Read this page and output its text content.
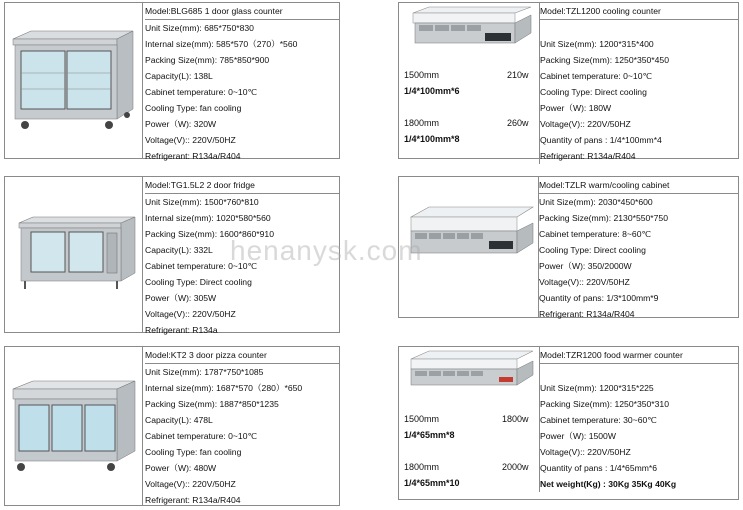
Model:BLG685 1 door glass counter
Unit Size(mm): 685*750*830
Internal size(mm): 585*570（270）*560
Packing Size(mm): 785*850*900
Capacity(L): 138L
Cabinet temperature: 0~10℃
Cooling Type: fan cooling
Power（W): 320W
Voltage(V):: 220V/50HZ
Refrigerant: R134a/R404
Model:TG1.5L2 2 door fridge
Unit Size(mm): 1500*760*810
Internal size(mm): 1020*580*560
Packing Size(mm): 1600*860*910
Capacity(L): 332L
Cabinet temperature: 0~10℃
Cooling Type: Direct cooling
Power（W): 305W
Voltage(V):: 220V/50HZ
Refrigerant: R134a
Model:KT2 3 door pizza counter
Unit Size(mm): 1787*750*1085
Internal size(mm): 1687*570（280）*650
Packing Size(mm): 1887*850*1235
Capacity(L): 478L
Cabinet temperature: 0~10℃
Cooling Type: fan cooling
Power（W): 480W
Voltage(V):: 220V/50HZ
Refrigerant: R134a/R404
1500mm	210w
1/4*100mm*6
1800mm	260w
1/4*100mm*8
Model:TZL1200 cooling counter
Unit Size(mm): 1200*315*400
Packing Size(mm): 1250*350*450
Cabinet temperature: 0~10℃
Cooling Type: Direct cooling
Power（W): 180W
Voltage(V):: 220V/50HZ
Quantity of pans : 1/4*100mm*4
Refrigerant: R134a/R404
Model:TZLR warm/cooling cabinet
Unit Size(mm): 2030*450*600
Packing Size(mm): 2130*550*750
Cabinet temperature: 8~60℃
Cooling Type: Direct cooling
Power（W): 350/2000W
Voltage(V):: 220V/50HZ
Quantity of pans: 1/3*100mm*9
Refrigerant: R134a/R404
1500mm	1800w
1/4*65mm*8
1800mm	2000w
1/4*65mm*10
Model:TZR1200 food warmer counter
Unit Size(mm): 1200*315*225
Packing Size(mm): 1250*350*310
Cabinet temperature: 30~60℃
Power（W): 1500W
Voltage(V):: 220V/50HZ
Quantity of pans : 1/4*65mm*6
Net weight(Kg) : 30Kg 35Kg 40Kg
henanysk.com
